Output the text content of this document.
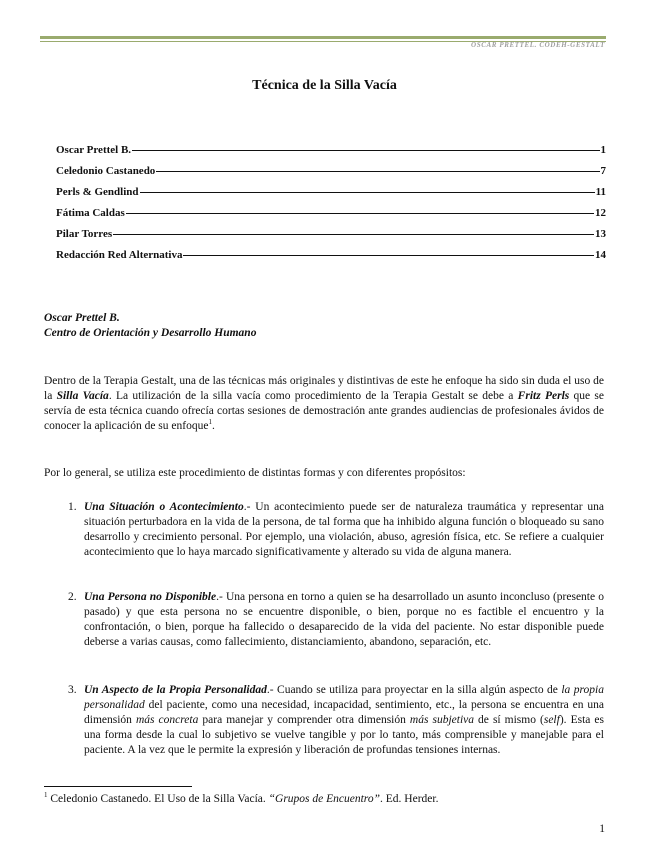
OSCAR PRETTEL. CODEH-GESTALT
Técnica de la Silla Vacía
Oscar Prettel B.	1
Celedonio Castanedo	7
Perls & Gendlind	11
Fátima Caldas	12
Pilar Torres	13
Redacción Red Alternativa	14
Oscar Prettel B.
Centro de Orientación y Desarrollo Humano
Dentro de la Terapia Gestalt, una de las técnicas más originales y distintivas de este he enfoque ha sido sin duda el uso de la Silla Vacía. La utilización de la silla vacía como procedimiento de la Terapia Gestalt se debe a Fritz Perls que se servía de esta técnica cuando ofrecía cortas sesiones de demostración ante grandes audiencias de profesionales ávidos de conocer la aplicación de su enfoque$^1$.
Por lo general, se utiliza este procedimiento de distintas formas y con diferentes propósitos:
1. Una Situación o Acontecimiento.- Un acontecimiento puede ser de naturaleza traumática y representar una situación perturbadora en la vida de la persona, de tal forma que ha inhibido alguna función o bloqueado su sano desarrollo y crecimiento personal. Por ejemplo, una violación, abuso, agresión física, etc. Se refiere a cualquier acontecimiento que lo haya marcado significativamente y alterado su vida de alguna manera.
2. Una Persona no Disponible.- Una persona en torno a quien se ha desarrollado un asunto inconcluso (presente o pasado) y que esta persona no se encuentre disponible, o bien, porque no es factible el encuentro y la confrontación, o bien, porque ha fallecido o desaparecido de la vida del paciente. No estar disponible puede deberse a varias causas, como fallecimiento, distanciamiento, abandono, separación, etc.
3. Un Aspecto de la Propia Personalidad.- Cuando se utiliza para proyectar en la silla algún aspecto de la propia personalidad del paciente, como una necesidad, incapacidad, sentimiento, etc., la persona se encuentra en una dimensión más concreta para manejar y comprender otra dimensión más subjetiva de sí mismo (self). Esta es una forma desde la cual lo subjetivo se vuelve tangible y por lo tanto, más comprensible y manejable para el paciente. A la vez que le permite la expresión y liberación de profundas tensiones internas.
$^1$ Celedonio Castanedo. El Uso de la Silla Vacía. “Grupos de Encuentro”. Ed. Herder.
1
